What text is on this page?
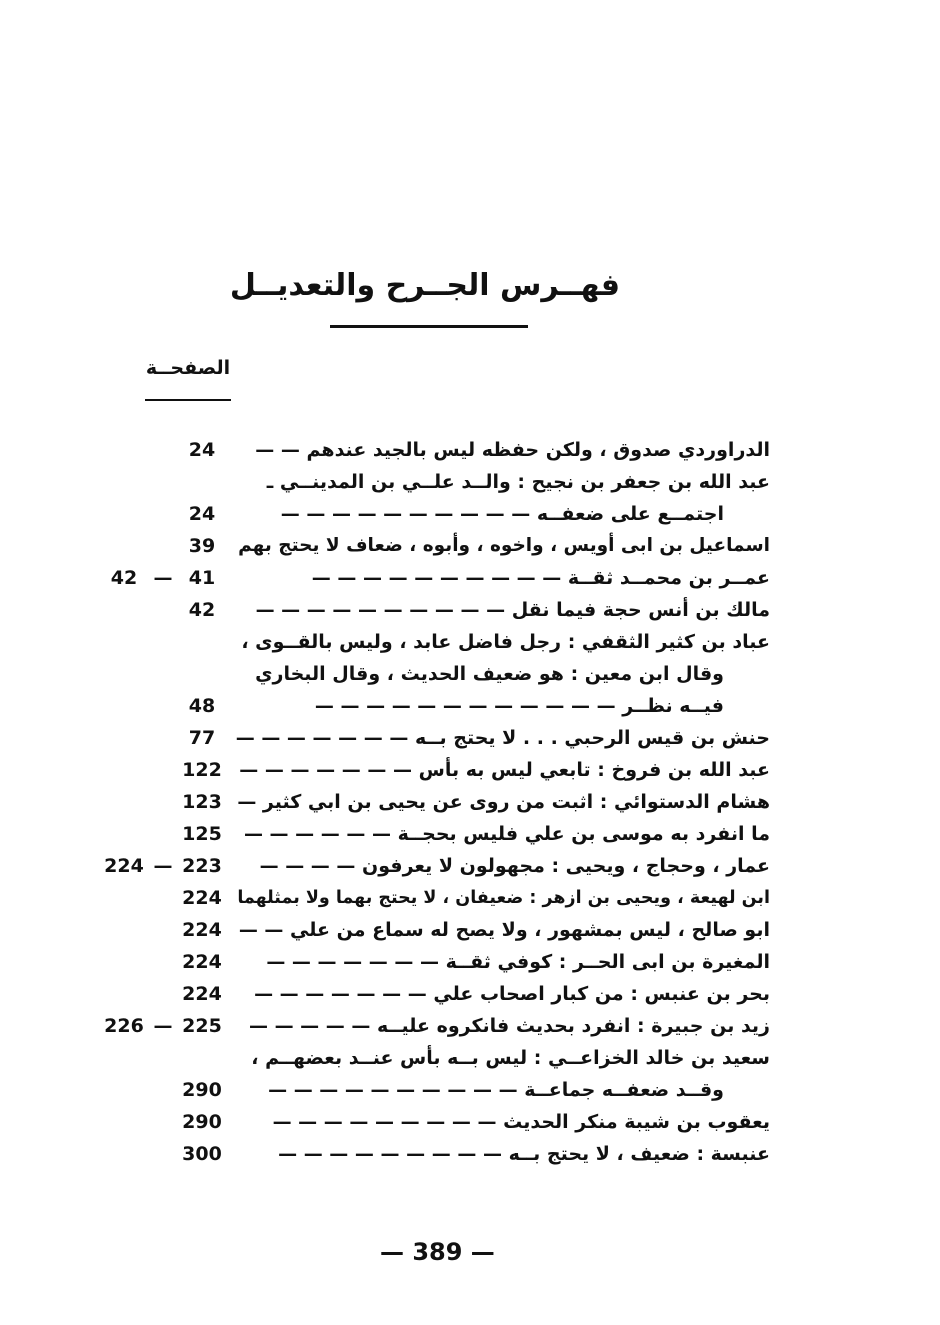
فهــرس الجــرح والتعديــل
الصفحــة
الدراوردي صدوق ، ولكن حفظه ليس بالجيد عندهم — —
24
عبد الله بن جعفر بن نجيح : والــد علــي بن المدينــي ـ
اجتمــع على ضعفــه — — — — — — — — — —
24
اسماعيل بن ابى أويس ، واخوه ، وأبوه ، ضعاف لا يحتج بهم
39
عمــر بن محمــد ثقــة — — — — — — — — — —
41
—
42
مالك بن أنس حجة فيما نقل — — — — — — — — — —
42
عباد بن كثير الثقفي : رجل فاضل عابد ، وليس بالقــوى ،
وقال ابن معين : هو ضعيف الحديث ، وقال البخاري
فيــه نظــر — — — — — — — — — — — —
48
حنش بن قيس الرحبي . . . لا يحتج بــه — — — — — — —
77
عبد الله بن فروخ : تابعي ليس به بأس — — — — — — —
122
هشام الدستوائي : اثبت من روى عن يحيى بن ابي كثير —
123
ما انفرد به موسى بن علي فليس بحجــة — — — — — —
125
عمار ، وحجاج ، ويحيى : مجهولون لا يعرفون — — — —
223
—
224
ابن لهيعة ، ويحيى بن ازهر : ضعيفان ، لا يحتج بهما ولا بمثلهما
224
ابو صالح ، ليس بمشهور ، ولا يصح له سماع من علي — —
224
المغيرة بن ابى الحــر : كوفي ثقــة — — — — — — —
224
بحر بن عنبس : من كبار اصحاب علي — — — — — — —
224
زيد بن جبيرة : انفرد بحديث فانكروه عليــه — — — — —
225
—
226
سعيد بن خالد الخزاعــي : ليس بــه بأس عنــد بعضهــم ،
وقــد ضعفــه جماعــة — — — — — — — — — —
290
يعقوب بن شيبة منكر الحديث — — — — — — — — —
290
عنبسة : ضعيف ، لا يحتج بــه — — — — — — — — —
300
— 389 —
